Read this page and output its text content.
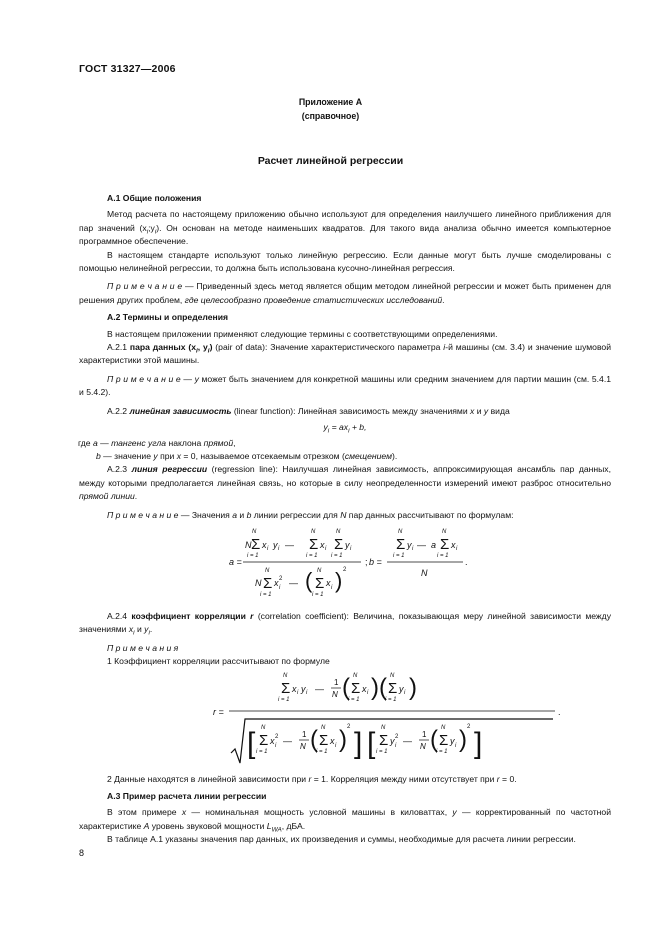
ГОСТ 31327—2006
Приложение А
(справочное)
Расчет линейной регрессии

А.1 Общие положения

Метод расчета по настоящему приложению обычно используют для определения наилучшего линейного приближения для пар значений $(x_i;y_i)$. Он основан на методе наименьших квадратов. Для такого вида анализа обычно имеется компьютерное программное обеспечение.

В настоящем стандарте используют только линейную регрессию. Если данные могут быть лучше смоделированы с помощью нелинейной регрессии, то должна быть использована кусочно-линейная регрессия.

П р и м е ч а н и е — Приведенный здесь метод является общим методом линейной регрессии и может быть применен для решения других проблем, где целесообразно проведение статистических исследований.

А.2 Термины и определения

В настоящем приложении применяют следующие термины с соответствующими определениями.

А.2.1 пара данных ($x_i$, $y_i$) (pair of data): Значение характеристического параметра i-й машины (см. 3.4) и значение шумовой характеристики этой машины.

П р и м е ч а н и е — у может быть значением для конкретной машины или средним значением для партии машин (см. 5.4.1 и 5.4.2).

А.2.2 линейная зависимость (linear function): Линейная зависимость между значениями x и y вида

$y_i = ax_i + b$,

где а — тангенс угла наклона прямой,

b — значение y при x = 0, называемое отсекаемым отрезком (смещением).

А.2.3 линия регрессии (regression line): Наилучшая линейная зависимость, аппроксимирующая ансамбль пар данных, между которыми предполагается линейная связь, но которые в силу неопределенности измерений имеют разброс относительно прямой линии.

П р и м е ч а н и е — Значения а и b линии регрессии для N пар данных рассчитывают по формулам:

a =
N
N
Σ
i = 1
x i y i —
N
Σ
i = 1
x i
N
Σ
i = 1
y i
N
N
Σ
i = 1
x 2
i — ( N
Σ
i = 1
x i ) 2
; b =
N
Σ
i = 1
y i — a
N
Σ
i = 1
x i
N
.

А.2.4 коэффициент корреляции r (correlation coefficient): Величина, показывающая меру линейной зависимости между значениями $x_i$ и $y_i$.

П р и м е ч а н и я

1 Коэффициент корреляции рассчитывают по формуле

r =
N
Σ
i = 1
x i y i —
1
N ( N
Σ
i = 1
x i ) ( N
Σ
i = 1
y i )
.
[ N
Σ
i = 1
x 2
i —
1
N ( N
Σ
i = 1
x i ) 2 ] [ N
Σ
i = 1
y 2
i —
1
N ( N
Σ
i = 1
y i ) 2 ]

2 Данные находятся в линейной зависимости при r = 1. Корреляция между ними отсутствует при r = 0.

А.3 Пример расчета линии регрессии

В этом примере x — номинальная мощность условной машины в киловаттах, y — корректированный по частотной характеристике А уровень звуковой мощности $L_{WA}$, дБА.

В таблице А.1 указаны значения пар данных, их произведения и суммы, необходимые для расчета линии регрессии.

8
